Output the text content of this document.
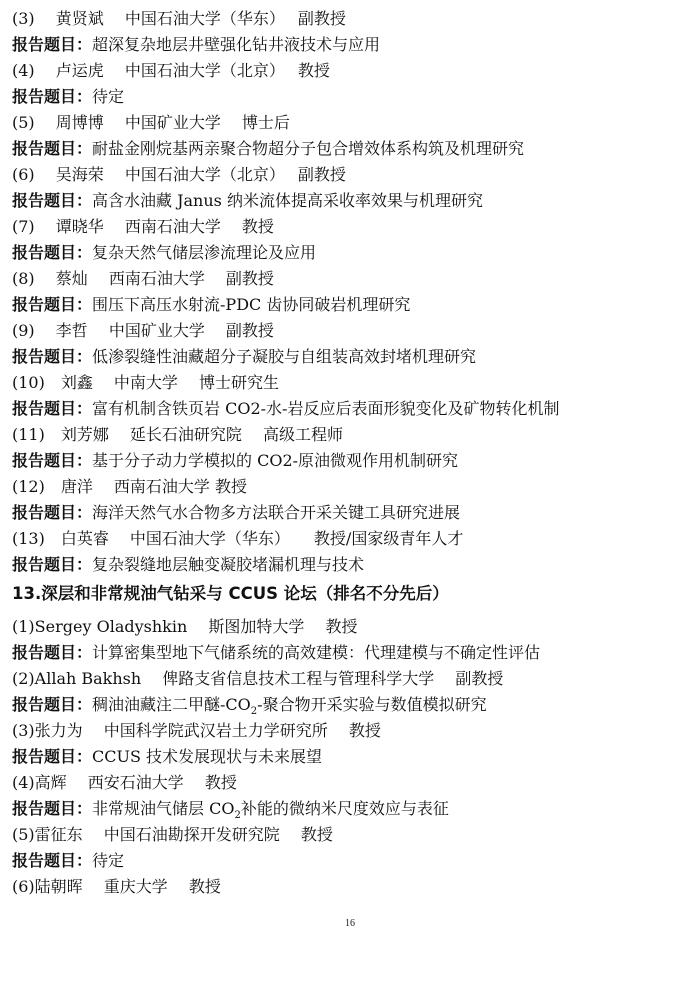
(3)　 黄贤斌　 中国石油大学（华东）　 副教授
报告题目：超深复杂地层井壁强化钻井液技术与应用
(4)　 卢运虎　 中国石油大学（北京）　 教授
报告题目：待定
(5)　 周博博　 中国矿业大学　 博士后
报告题目：耐盐金刚烷基两亲聚合物超分子包合增效体系构筑及机理研究
(6)　 吴海荣　 中国石油大学（北京）　 副教授
报告题目：高含水油藏 Janus 纳米流体提高采收率效果与机理研究
(7)　 谭晓华　 西南石油大学　 教授
报告题目：复杂天然气储层渗流理论及应用
(8)　 蔡灿　 西南石油大学　 副教授
报告题目：围压下高压水射流-PDC 齿协同破岩机理研究
(9)　 李哲　 中国矿业大学　 副教授
报告题目：低渗裂缝性油藏超分子凝胶与自组装高效封堵机理研究
(10)　刘鑫　 中南大学　 博士研究生
报告题目：富有机制含铁页岩 CO2-水-岩反应后表面形貌变化及矿物转化机制
(11)　刘芳娜　 延长石油研究院　 高级工程师
报告题目：基于分子动力学模拟的 CO2-原油微观作用机制研究
(12)　唐洋　 西南石油大学 教授
报告题目：海洋天然气水合物多方法联合开采关键工具研究进展
(13)　白英睿　 中国石油大学（华东）　　教授/国家级青年人才
报告题目：复杂裂缝地层触变凝胶堵漏机理与技术
13.深层和非常规油气钻采与 CCUS 论坛（排名不分先后）
(1)Sergey Oladyshkin　 斯图加特大学　 教授
报告题目：计算密集型地下气储系统的高效建模：代理建模与不确定性评估
(2)Allah Bakhsh　 俾路支省信息技术工程与管理科学大学　 副教授
报告题目：稠油油藏注二甲醚$-CO_2-$聚合物开采实验与数值模拟研究
(3)张力为　 中国科学院武汉岩土力学研究所　 教授
报告题目：CCUS 技术发展现状与未来展望
(4)高辉　 西安石油大学　 教授
报告题目：非常规油气储层 $CO_2$补能的微纳米尺度效应与表征
(5)雷征东　 中国石油勘探开发研究院　 教授
报告题目：待定
(6)陆朝晖　 重庆大学　 教授
16
